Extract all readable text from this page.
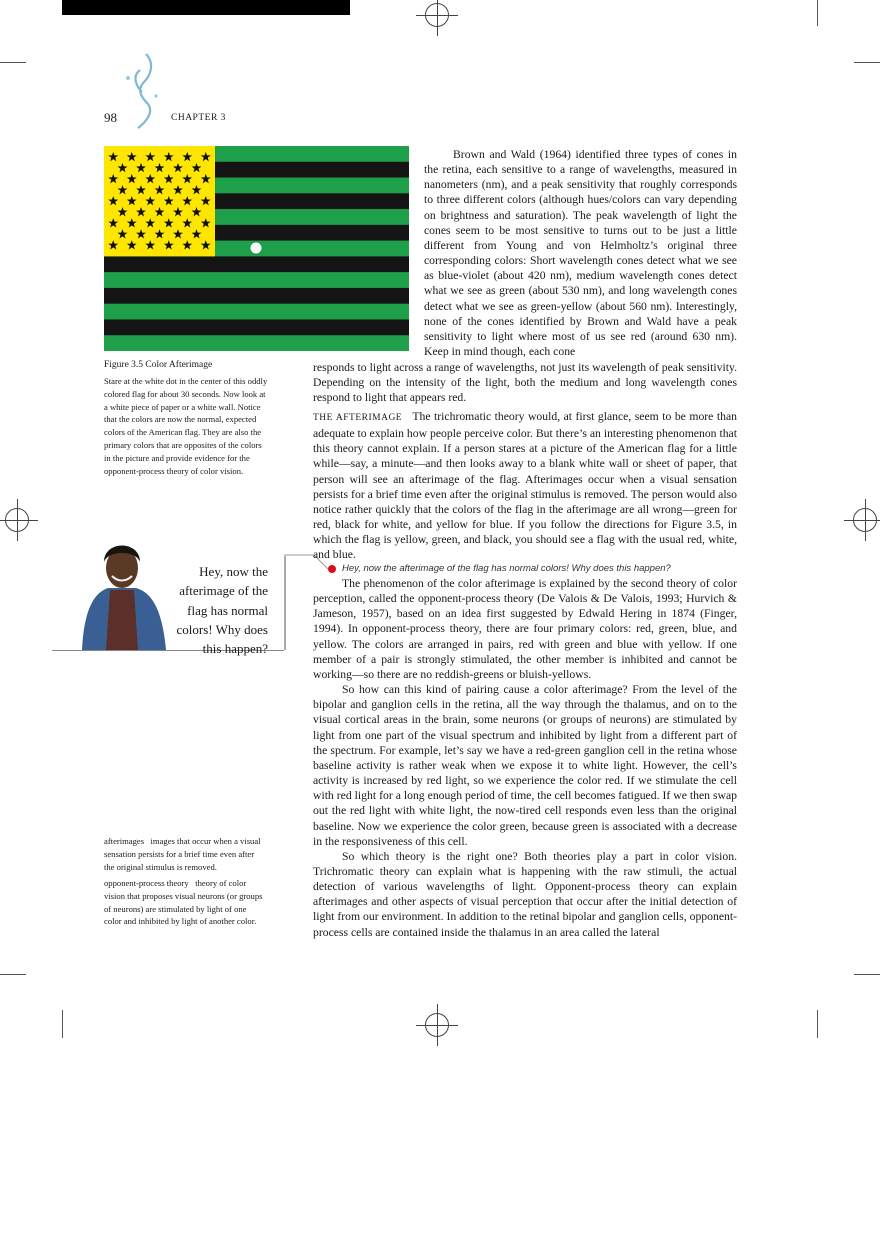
98	CHAPTER 3
Figure 3.5 Color Afterimage
Stare at the white dot in the center of this oddly colored flag for about 30 seconds. Now look at a white piece of paper or a white wall. Notice that the colors are now the normal, expected colors of the American flag. They are also the primary colors that are opposites of the colors in the picture and provide evidence for the opponent-process theory of color vision.
Hey, now the afterimage of the flag has normal colors! Why does this happen?
afterimages images that occur when a visual sensation persists for a brief time even after the original stimulus is removed.
opponent-process theory theory of color vision that proposes visual neurons (or groups of neurons) are stimulated by light of one color and inhibited by light of another color.
Brown and Wald (1964) identified three types of cones in the retina, each sensitive to a range of wavelengths, measured in nanometers (nm), and a peak sensitivity that roughly corresponds to three different colors (although hues/colors can vary depending on brightness and saturation). The peak wavelength of light the cones seem to be most sensitive to turns out to be just a little different from Young and von Helmholtz’s original three corresponding colors: Short wavelength cones detect what we see as blue-violet (about 420 nm), medium wavelength cones detect what we see as green (about 530 nm), and long wavelength cones detect what we see as green-yellow (about 560 nm). Interestingly, none of the cones identified by Brown and Wald have a peak sensitivity to light where most of us see red (around 630 nm). Keep in mind though, each cone
responds to light across a range of wavelengths, not just its wavelength of peak sensitivity. Depending on the intensity of the light, both the medium and long wavelength cones respond to light that appears red.
THE AFTERIMAGE The trichromatic theory would, at first glance, seem to be more than adequate to explain how people perceive color. But there’s an interesting phenomenon that this theory cannot explain. If a person stares at a picture of the American flag for a little while—say, a minute—and then looks away to a blank white wall or sheet of paper, that person will see an afterimage of the flag. Afterimages occur when a visual sensation persists for a brief time even after the original stimulus is removed. The person would also notice rather quickly that the colors of the flag in the afterimage are all wrong—green for red, black for white, and yellow for blue. If you follow the directions for Figure 3.5, in which the flag is yellow, green, and black, you should see a flag with the usual red, white, and blue.
Hey, now the afterimage of the flag has normal colors! Why does this happen?

The phenomenon of the color afterimage is explained by the second theory of color perception, called the opponent-process theory (De Valois & De Valois, 1993; Hurvich & Jameson, 1957), based on an idea first suggested by Edwald Hering in 1874 (Finger, 1994). In opponent-process theory, there are four primary colors: red, green, blue, and yellow. The colors are arranged in pairs, red with green and blue with yellow. If one member of a pair is strongly stimulated, the other member is inhibited and cannot be working—so there are no reddish-greens or bluish-yellows.

So how can this kind of pairing cause a color afterimage? From the level of the bipolar and ganglion cells in the retina, all the way through the thalamus, and on to the visual cortical areas in the brain, some neurons (or groups of neurons) are stimulated by light from one part of the visual spectrum and inhibited by light from a different part of the spectrum. For example, let’s say we have a red-green ganglion cell in the retina whose baseline activity is rather weak when we expose it to white light. However, the cell’s activity is increased by red light, so we experience the color red. If we stimulate the cell with red light for a long enough period of time, the cell becomes fatigued. If we then swap out the red light with white light, the now-tired cell responds even less than the original baseline. Now we experience the color green, because green is associated with a decrease in the responsiveness of this cell.

So which theory is the right one? Both theories play a part in color vision. Trichromatic theory can explain what is happening with the raw stimuli, the actual detection of various wavelengths of light. Opponent-process theory can explain afterimages and other aspects of visual perception that occur after the initial detection of light from our environment. In addition to the retinal bipolar and ganglion cells, opponent-process cells are contained inside the thalamus in an area called the lateral
